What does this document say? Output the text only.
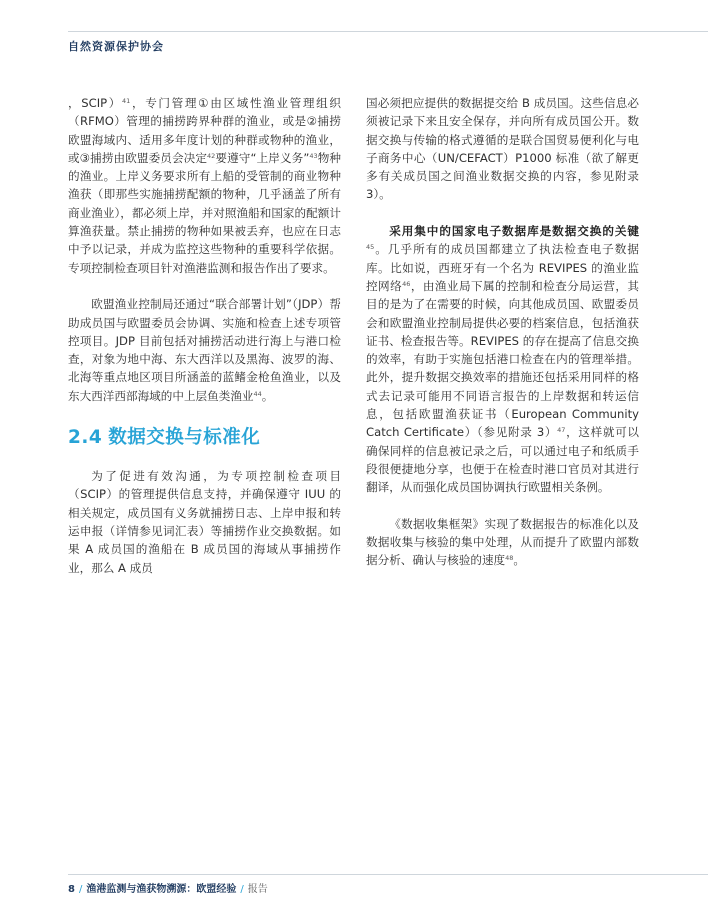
自然资源保护协会

，SCIP）$^{41}$，专门管理①由区域性渔业管理组织（RFMO）管理的捕捞跨界种群的渔业，或是②捕捞欧盟海域内、适用多年度计划的种群或物种的渔业，或③捕捞由欧盟委员会决定$^{42}$要遵守“上岸义务”$^{43}$物种的渔业。上岸义务要求所有上船的受管制的商业物种渔获（即那些实施捕捞配额的物种，几乎涵盖了所有商业渔业），都必须上岸，并对照渔船和国家的配额计算渔获量。禁止捕捞的物种如果被丢弃，也应在日志中予以记录，并成为监控这些物种的重要科学依据。专项控制检查项目针对渔港监测和报告作出了要求。

欧盟渔业控制局还通过“联合部署计划”（JDP）帮助成员国与欧盟委员会协调、实施和检查上述专项管控项目。JDP 目前包括对捕捞活动进行海上与港口检查，对象为地中海、东大西洋以及黑海、波罗的海、北海等重点地区项目所涵盖的蓝鳍金枪鱼渔业，以及东大西洋西部海域的中上层鱼类渔业$^{44}$。

2.4 数据交换与标准化

为了促进有效沟通，为专项控制检查项目（SCIP）的管理提供信息支持，并确保遵守 IUU 的相关规定，成员国有义务就捕捞日志、上岸申报和转运申报（详情参见词汇表）等捕捞作业交换数据。如果 A 成员国的渔船在 B 成员国的海域从事捕捞作业，那么 A 成员

国必须把应提供的数据提交给 B 成员国。这些信息必须被记录下来且安全保存，并向所有成员国公开。数据交换与传输的格式遵循的是联合国贸易便利化与电子商务中心（UN/CEFACT）P1000 标准（欲了解更多有关成员国之间渔业数据交换的内容，参见附录 3）。

采用集中的国家电子数据库是数据交换的关键$^{45}$。几乎所有的成员国都建立了执法检查电子数据库。比如说，西班牙有一个名为 REVIPES 的渔业监控网络$^{46}$，由渔业局下属的控制和检查分局运营，其目的是为了在需要的时候，向其他成员国、欧盟委员会和欧盟渔业控制局提供必要的档案信息，包括渔获证书、检查报告等。REVIPES 的存在提高了信息交换的效率，有助于实施包括港口检查在内的管理举措。此外，提升数据交换效率的措施还包括采用同样的格式去记录可能用不同语言报告的上岸数据和转运信息，包括欧盟渔获证书（European Community Catch Certificate）（参见附录 3）$^{47}$，这样就可以确保同样的信息被记录之后，可以通过电子和纸质手段很便捷地分享，也便于在检查时港口官员对其进行翻译，从而强化成员国协调执行欧盟相关条例。

《数据收集框架》实现了数据报告的标准化以及数据收集与核验的集中处理，从而提升了欧盟内部数据分析、确认与核验的速度$^{48}$。

8 / 渔港监测与渔获物溯源：欧盟经验 / 报告
